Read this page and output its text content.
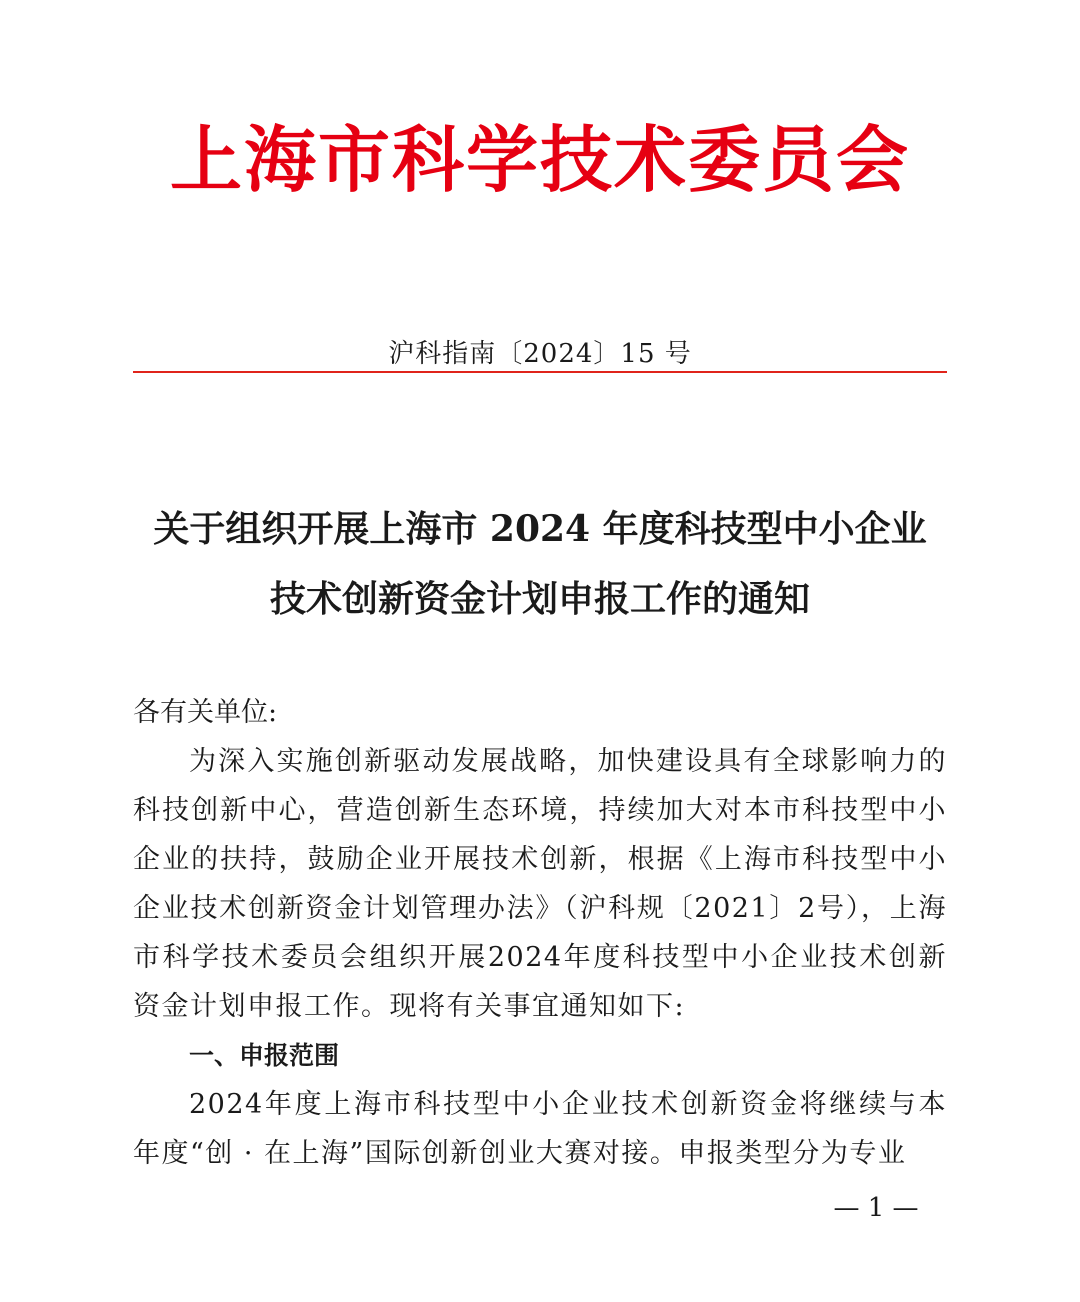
上海市科学技术委员会
沪科指南〔2024〕15 号
关于组织开展上海市 2024 年度科技型中小企业
技术创新资金计划申报工作的通知

各有关单位:

为深入实施创新驱动发展战略，加快建设具有全球影响力的科技创新中心，营造创新生态环境，持续加大对本市科技型中小企业的扶持，鼓励企业开展技术创新，根据《上海市科技型中小企业技术创新资金计划管理办法》（沪科规〔2021〕2号），上海市科学技术委员会组织开展2024年度科技型中小企业技术创新资金计划申报工作。现将有关事宜通知如下:

一、申报范围

2024年度上海市科技型中小企业技术创新资金将继续与本年度“创 · 在上海”国际创新创业大赛对接。申报类型分为专业

— 1 —
